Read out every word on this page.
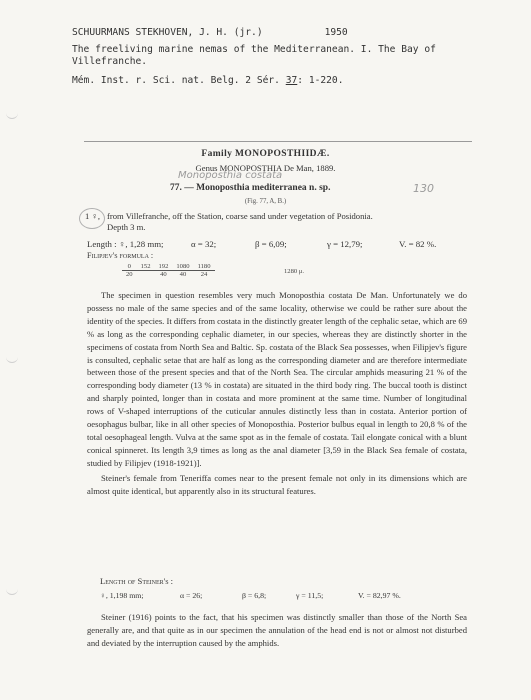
SCHUURMANS STEKHOVEN, J. H. (jr.)	1950
The freeliving marine nemas of the Mediterranean. I. The Bay of
Villefranche.
Mém. Inst. r. Sci. nat. Belg. 2 Sér. 37: 1-220.
Family MONOPOSTHIIDÆ.
Genus MONOPOSTHIA De Man, 1889.
Monoposthia costata
77. — Monoposthia mediterranea n. sp.	130
(Fig. 77, A, B.)
1 ♀, from Villefranche, off the Station, coarse sand under vegetation of Posidonia.
Depth 3 m.
Length : ♀, 1,28 mm;	α = 32;	β = 6,09;	γ = 12,79;	V. = 82 %.
Filipjev's formula :
0	152	192	1080	1180
20		40	40	24	1280 μ.

The specimen in question resembles very much Monoposthia costata De Man. Unfortunately we do possess no male of the same species and of the same locality, otherwise we could be rather sure about the identity of the species. It differs from costata in the distinctly greater length of the cephalic setae, which are 69 % as long as the corresponding cephalic diameter, in our species, whereas they are distinctly shorter in the specimens of costata from North Sea and Baltic. Sp. costata of the Black Sea possesses, when Filipjev's figure is consulted, cephalic setae that are half as long as the corresponding diameter and are therefore intermediate between those of the present species and that of the North Sea. The circular amphids measuring 21 % of the corresponding body diameter (13 % in costata) are situated in the third body ring. The buccal tooth is distinct and sharply pointed, longer than in costata and more prominent at the same time. Number of longitudinal rows of V-shaped interruptions of the cuticular annules distinctly less than in costata. Anterior portion of oesophagus bulbar, like in all other species of Monoposthia. Posterior bulbus equal in length to 20,8 % of the total oesophageal length. Vulva at the same spot as in the female of costata. Tail elongate conical with a blunt conical spinneret. Its length 3,9 times as long as the anal diameter [3,59 in the Black Sea female of costata, studied by Filipjev (1918-1921)].

Steiner's female from Teneriffa comes near to the present female not only in its dimensions which are almost quite identical, but apparently also in its structural features.

Length of Steiner's :
♀, 1,198 mm;	α = 26;	β = 6,8;	γ = 11,5;	V. = 82,97 %.

Steiner (1916) points to the fact, that his specimen was distinctly smaller than those of the North Sea generally are, and that quite as in our specimen the annulation of the head end is not or almost not disturbed and deviated by the interruption caused by the amphids.
